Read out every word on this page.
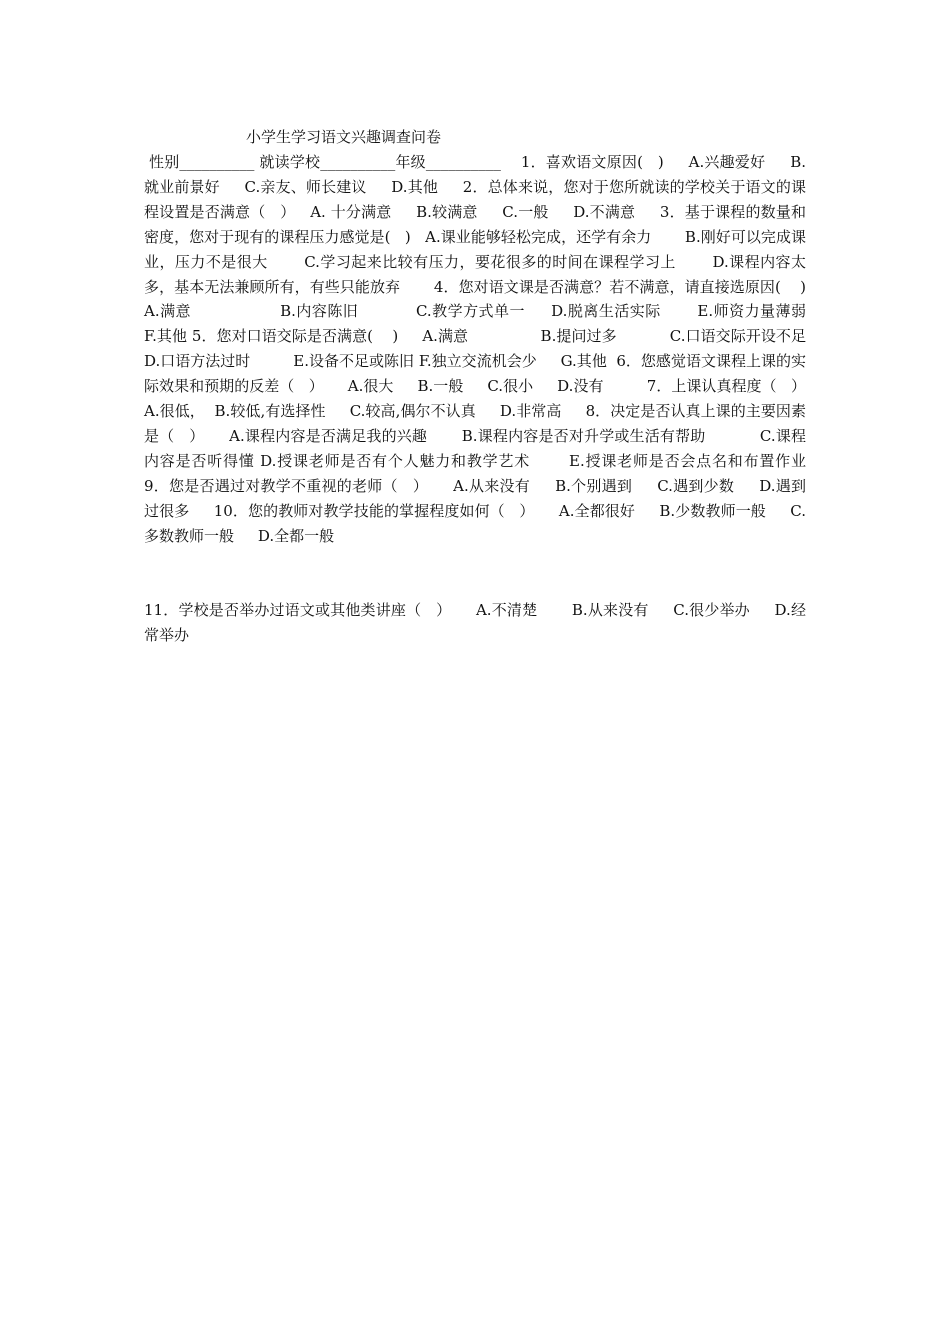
小学生学习语文兴趣调查问卷

性别__________ 就读学校__________年级__________    1．喜欢语文原因(   )     A.兴趣爱好     B.就业前景好     C.亲友、师长建议     D.其他     2．总体来说，您对于您所就读的学校关于语文的课程设置是否满意（   ）   A. 十分满意     B.较满意     C.一般     D.不满意     3．基于课程的数量和密度，您对于现有的课程压力感觉是(   )   A.课业能够轻松完成，还学有余力       B.刚好可以完成课业，压力不是很大       C.学习起来比较有压力，要花很多的时间在课程学习上       D.课程内容太多，基本无法兼顾所有，有些只能放弃       4．您对语文课是否满意？若不满意，请直接选原因(    )     A.满意                 B.内容陈旧           C.教学方式单一     D.脱离生活实际       E.师资力量薄弱         F.其他 5．您对口语交际是否满意(    )     A.满意               B.提问过多           C.口语交际开设不足       D.口语方法过时         E.设备不足或陈旧 F.独立交流机会少     G.其他  6．您感觉语文课程上课的实际效果和预期的反差（   ）     A.很大     B.一般     C.很小     D.没有         7．上课认真程度（   ）     A.很低，  B.较低,有选择性     C.较高,偶尔不认真     D.非常高     8．决定是否认真上课的主要因素是（   ）     A.课程内容是否满足我的兴趣       B.课程内容是否对升学或生活有帮助           C.课程内容是否听得懂 D.授课老师是否有个人魅力和教学艺术       E.授课老师是否会点名和布置作业     9．您是否遇过对教学不重视的老师（   ）     A.从来没有     B.个别遇到     C.遇到少数     D.遇到过很多     10．您的教师对教学技能的掌握程度如何（   ）     A.全都很好     B.少数教师一般     C.多数教师一般     D.全都一般

11．学校是否举办过语文或其他类讲座（   ）     A.不清楚       B.从来没有     C.很少举办     D.经常举办
